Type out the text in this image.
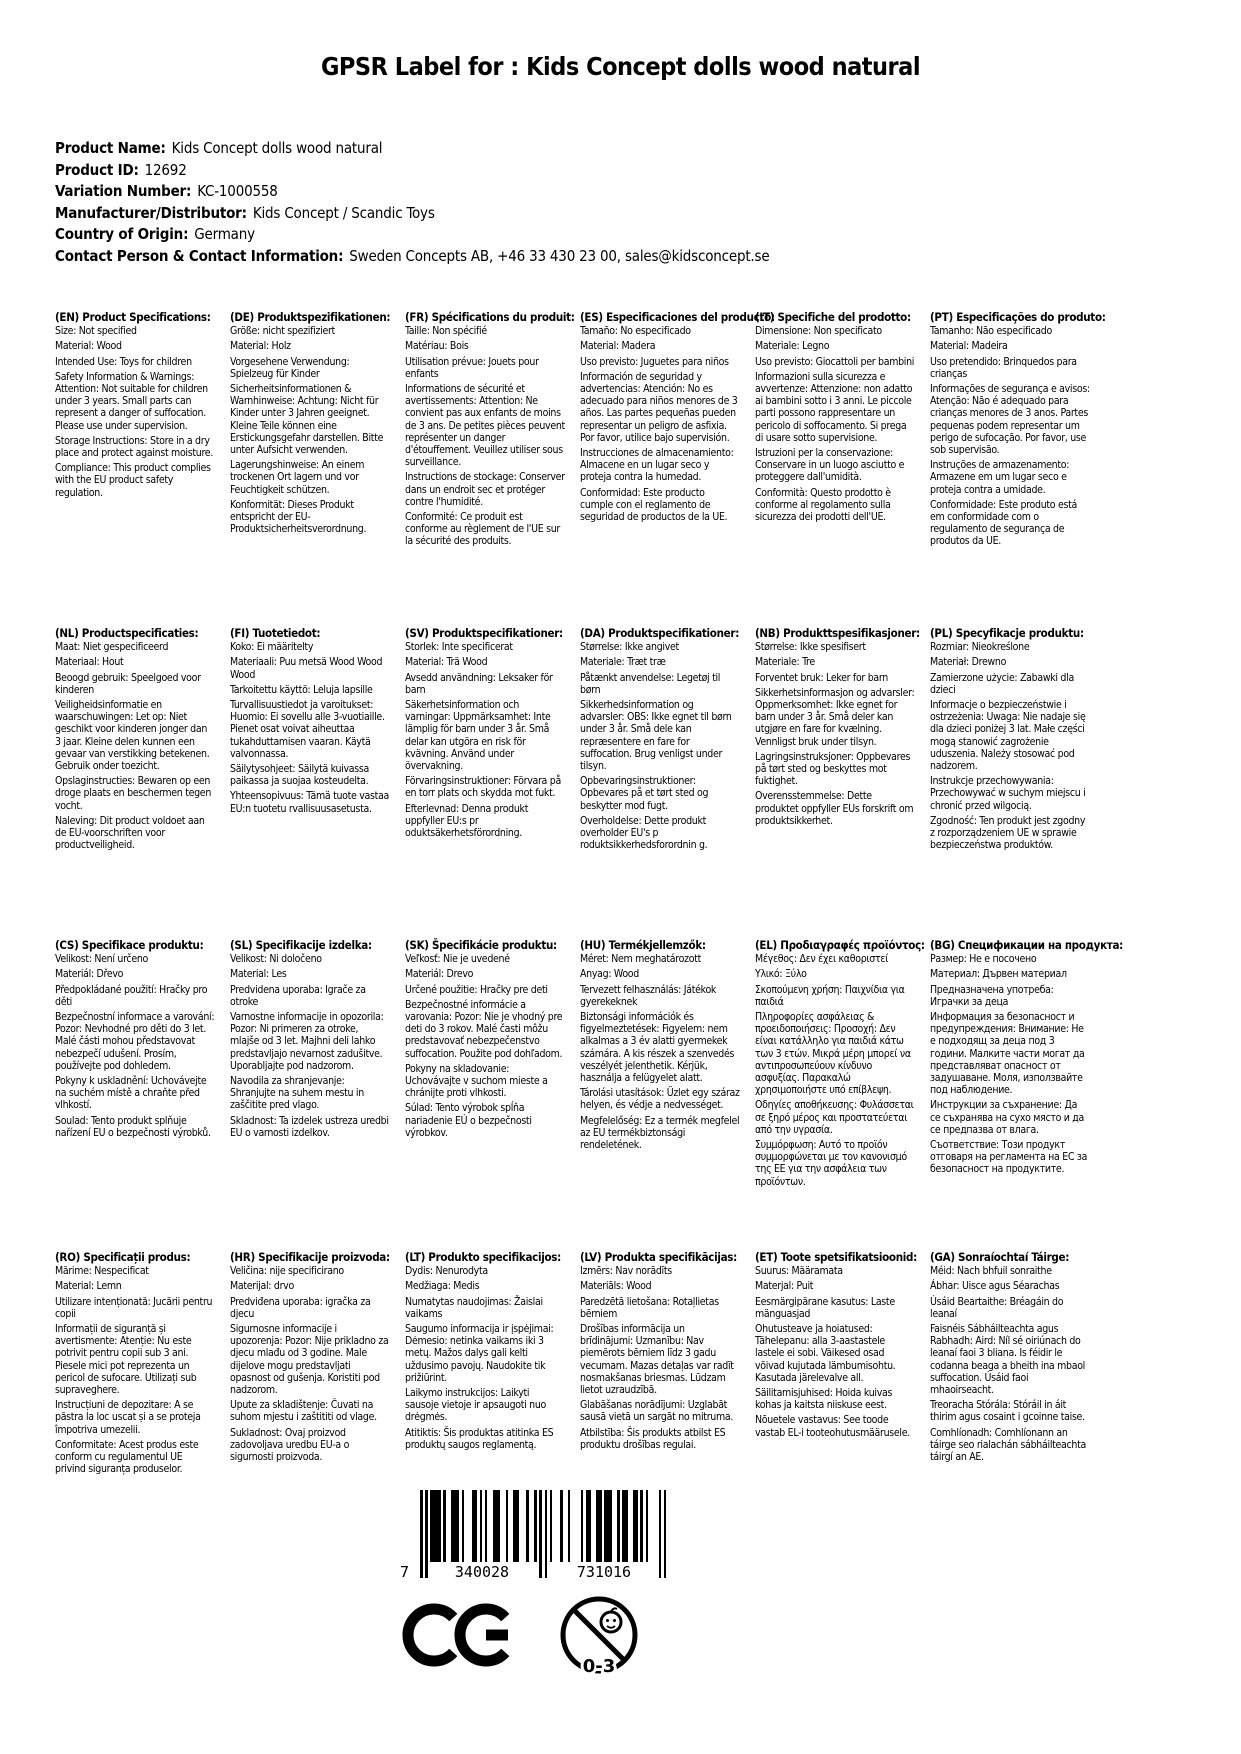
GPSR Label for : Kids Concept dolls wood natural
Product Name: Kids Concept dolls wood natural
Product ID: 12692
Variation Number: KC-1000558
Manufacturer/Distributor: Kids Concept / Scandic Toys
Country of Origin: Germany
Contact Person & Contact Information: Sweden Concepts AB, +46 33 430 23 00, sales@kidsconcept.se
(EN) Product Specifications:

Size: Not specified

Material: Wood

Intended Use: Toys for children

Safety Information & Warnings: Attention: Not suitable for children under 3 years. Small parts can represent a danger of suffocation. Please use under supervision.

Storage Instructions: Store in a dry place and protect against moisture.

Compliance: This product complies with the EU product safety regulation.

(DE) Produktspezifikationen:

Größe: nicht spezifiziert

Material: Holz

Vorgesehene Verwendung: Spielzeug für Kinder

Sicherheitsinformationen & Warnhinweise: Achtung: Nicht für Kinder unter 3 Jahren geeignet. Kleine Teile können eine Erstickungsgefahr darstellen. Bitte unter Aufsicht verwenden.

Lagerungshinweise: An einem trockenen Ort lagern und vor Feuchtigkeit schützen.

Konformität: Dieses Produkt entspricht der EU-Produktsicherheitsverordnung.

(FR) Spécifications du produit:

Taille: Non spécifié

Matériau: Bois

Utilisation prévue: Jouets pour enfants

Informations de sécurité et avertissements: Attention: Ne convient pas aux enfants de moins de 3 ans. De petites pièces peuvent représenter un danger d'étouffement. Veuillez utiliser sous surveillance.

Instructions de stockage: Conserver dans un endroit sec et protéger contre l'humidité.

Conformité: Ce produit est conforme au règlement de l'UE sur la sécurité des produits.

(ES) Especificaciones del producto:

Tamaño: No especificado

Material: Madera

Uso previsto: Juguetes para niños

Información de seguridad y advertencias: Atención: No es adecuado para niños menores de 3 años. Las partes pequeñas pueden representar un peligro de asfixia. Por favor, utilice bajo supervisión.

Instrucciones de almacenamiento: Almacene en un lugar seco y proteja contra la humedad.

Conformidad: Este producto cumple con el reglamento de seguridad de productos de la UE.

(IT) Specifiche del prodotto:

Dimensione: Non specificato

Materiale: Legno

Uso previsto: Giocattoli per bambini

Informazioni sulla sicurezza e avvertenze: Attenzione: non adatto ai bambini sotto i 3 anni. Le piccole parti possono rappresentare un pericolo di soffocamento. Si prega di usare sotto supervisione.

Istruzioni per la conservazione: Conservare in un luogo asciutto e proteggere dall'umidità.

Conformità: Questo prodotto è conforme al regolamento sulla sicurezza dei prodotti dell'UE.

(PT) Especificações do produto:

Tamanho: Não especificado

Material: Madeira

Uso pretendido: Brinquedos para crianças

Informações de segurança e avisos: Atenção: Não é adequado para crianças menores de 3 anos. Partes pequenas podem representar um perigo de sufocação. Por favor, use sob supervisão.

Instruções de armazenamento: Armazene em um lugar seco e proteja contra a umidade.

Conformidade: Este produto está em conformidade com o regulamento de segurança de produtos da UE.

(NL) Productspecificaties:

Maat: Niet gespecificeerd

Materiaal: Hout

Beoogd gebruik: Speelgoed voor kinderen

Veiligheidsinformatie en waarschuwingen: Let op: Niet geschikt voor kinderen jonger dan 3 jaar. Kleine delen kunnen een gevaar van verstikking betekenen. Gebruik onder toezicht.

Opslaginstructies: Bewaren op een droge plaats en beschermen tegen vocht.

Naleving: Dit product voldoet aan de EU-voorschriften voor productveiligheid.

(FI) Tuotetiedot:

Koko: Ei määritelty

Materiaali: Puu metsä Wood Wood Wood

Tarkoitettu käyttö: Leluja lapsille

Turvallisuustiedot ja varoitukset: Huomio: Ei sovellu alle 3-vuotiaille. Pienet osat voivat aiheuttaa tukahduttamisen vaaran. Käytä valvonnassa.

Säilytysohjeet: Säilytä kuivassa paikassa ja suojaa kosteudelta.

Yhteensopivuus: Tämä tuote vastaa EU:n tuotetu rvallisuusasetusta.

(SV) Produktspecifikationer:

Storlek: Inte specificerat

Material: Trä Wood

Avsedd användning: Leksaker för barn

Säkerhetsinformation och varningar: Uppmärksamhet: Inte lämplig för barn under 3 år. Små delar kan utgöra en risk för kvävning. Använd under övervakning.

Förvaringsinstruktioner: Förvara på en torr plats och skydda mot fukt.

Efterlevnad: Denna produkt uppfyller EU:s pr oduktsäkerhetsförordning.

(DA) Produktspecifikationer:

Størrelse: Ikke angivet

Materiale: Træt træ

Påtænkt anvendelse: Legetøj til børn

Sikkerhedsinformation og advarsler: OBS: Ikke egnet til børn under 3 år. Små dele kan repræsentere en fare for suffocation. Brug venligst under tilsyn.

Opbevaringsinstruktioner: Opbevares på et tørt sted og beskytter mod fugt.

Overholdelse: Dette produkt overholder EU's p roduktsikkerhedsforordnin g.

(NB) Produkttspesifikasjoner:

Størrelse: Ikke spesifisert

Materiale: Tre

Forventet bruk: Leker for barn

Sikkerhetsinformasjon og advarsler: Oppmerksomhet: Ikke egnet for barn under 3 år. Små deler kan utgjøre en fare for kvælning. Vennligst bruk under tilsyn.

Lagringsinstruksjoner: Oppbevares på tørt sted og beskyttes mot fuktighet.

Overensstemmelse: Dette produktet oppfyller EUs forskrift om produktsikkerhet.

(PL) Specyfikacje produktu:

Rozmiar: Nieokreślone

Materiał: Drewno

Zamierzone użycie: Zabawki dla dzieci

Informacje o bezpieczeństwie i ostrzeżenia: Uwaga: Nie nadaje się dla dzieci poniżej 3 lat. Małe części mogą stanowić zagrożenie uduszenia. Należy stosować pod nadzorem.

Instrukcje przechowywania: Przechowywać w suchym miejscu i chronić przed wilgocią.

Zgodność: Ten produkt jest zgodny z rozporządzeniem UE w sprawie bezpieczeństwa produktów.

(CS) Specifikace produktu:

Velikost: Není určeno

Materiál: Dřevo

Předpokládané použití: Hračky pro děti

Bezpečnostní informace a varování: Pozor: Nevhodné pro děti do 3 let. Malé části mohou představovat nebezpečí udušení. Prosím, používejte pod dohledem.

Pokyny k uskladnění: Uchovávejte na suchém místě a chraňte před vlhkostí.

Soulad: Tento produkt splňuje nařízení EU o bezpečnosti výrobků.

(SL) Specifikacije izdelka:

Velikost: Ni določeno

Material: Les

Predvidena uporaba: Igrače za otroke

Varnostne informacije in opozorila: Pozor: Ni primeren za otroke, mlajše od 3 let. Majhni deli lahko predstavljajo nevarnost zadušitve. Uporabljajte pod nadzorom.

Navodila za shranjevanje: Shranjujte na suhem mestu in zaščitite pred vlago.

Skladnost: Ta izdelek ustreza uredbi EU o varnosti izdelkov.

(SK) Špecifikácie produktu:

Veľkosť: Nie je uvedené

Materiál: Drevo

Určené použitie: Hračky pre deti

Bezpečnostné informácie a varovania: Pozor: Nie je vhodný pre deti do 3 rokov. Malé časti môžu predstavovať nebezpečenstvo suffocation. Použite pod dohľadom.

Pokyny na skladovanie: Uchovávajte v suchom mieste a chránijte proti vlhkosti.

Súlad: Tento výrobok spĺňa nariadenie EÚ o bezpečnosti výrobkov.

(HU) Termékjellemzők:

Méret: Nem meghatározott

Anyag: Wood

Tervezett felhasználás: Játékok gyerekeknek

Biztonsági információk és figyelmeztetések: Figyelem: nem alkalmas a 3 év alatti gyermekek számára. A kis részek a szenvedés veszélyét jelenthetik. Kérjük, használja a felügyelet alatt.

Tárolási utasítások: Üzlet egy száraz helyen, és védje a nedvességet.

Megfelelőség: Ez a termék megfelel az EU termékbiztonsági rendeletének.

(EL) Προδιαγραφές προϊόντος:

Μέγεθος: Δεν έχει καθοριστεί

Υλικό: Ξύλο

Σκοπούμενη χρήση: Παιχνίδια για παιδιά

Πληροφορίες ασφάλειας & προειδοποιήσεις: Προσοχή: Δεν είναι κατάλληλο για παιδιά κάτω των 3 ετών. Μικρά μέρη μπορεί να αντιπροσωπεύουν κίνδυνο ασφυξίας. Παρακαλώ χρησιμοποιήστε υπό επίβλεψη.

Οδηγίες αποθήκευσης: Φυλάσσεται σε ξηρό μέρος και προστατεύεται από την υγρασία.

Συμμόρφωση: Αυτό το προϊόν συμμορφώνεται με τον κανονισμό της ΕΕ για την ασφάλεια των προϊόντων.

(BG) Спецификации на продукта:

Размер: Не е посочено

Материал: Дървен материал

Предназначена употреба: Играчки за деца

Информация за безопасност и предупреждения: Внимание: Не е подходящ за деца под 3 години. Малките части могат да представляват опасност от задушаване. Моля, използвайте под наблюдение.

Инструкции за съхранение: Да се съхранява на сухо място и да се предпазва от влага.

Съответствие: Този продукт отговаря на регламента на ЕС за безопасност на продуктите.

(RO) Specificații produs:

Mărime: Nespecificat

Material: Lemn

Utilizare intenționată: Jucării pentru copii

Informații de siguranță și avertismente: Atenție: Nu este potrivit pentru copii sub 3 ani. Piesele mici pot reprezenta un pericol de sufocare. Utilizați sub supraveghere.

Instrucțiuni de depozitare: A se păstra la loc uscat și a se proteja împotriva umezelii.

Conformitate: Acest produs este conform cu regulamentul UE privind siguranța produselor.

(HR) Specifikacije proizvoda:

Veličina: nije specificirano

Materijal: drvo

Predviđena uporaba: igračka za djecu

Sigurnosne informacije i upozorenja: Pozor: Nije prikladno za djecu mlađu od 3 godine. Male dijelove mogu predstavljati opasnost od gušenja. Koristiti pod nadzorom.

Upute za skladištenje: Čuvati na suhom mjestu i zaštititi od vlage.

Sukladnost: Ovaj proizvod zadovoljava uredbu EU-a o sigurnosti proizvoda.

(LT) Produkto specifikacijos:

Dydis: Nenurodyta

Medžiaga: Medis

Numatytas naudojimas: Žaislai vaikams

Saugumo informacija ir įspėjimai: Dėmesio: netinka vaikams iki 3 metų. Mažos dalys gali kelti uždusimo pavojų. Naudokite tik prižiūrint.

Laikymo instrukcijos: Laikyti sausoje vietoje ir apsaugoti nuo drėgmės.

Atitiktis: Šis produktas atitinka ES produktų saugos reglamentą.

(LV) Produkta specifikācijas:

Izmērs: Nav norādīts

Materiāls: Wood

Paredzētā lietošana: Rotaļlietas bērniem

Drošības informācija un brīdinājumi: Uzmanību: Nav piemērots bērniem līdz 3 gadu vecumam. Mazas detaļas var radīt nosmakšanas briesmas. Lūdzam lietot uzraudzībā.

Glabāšanas norādījumi: Uzglabāt sausā vietā un sargāt no mitruma.

Atbilstība: Šis produkts atbilst ES produktu drošības regulai.

(ET) Toote spetsifikatsioonid:

Suurus: Määramata

Materjal: Puit

Eesmärgipärane kasutus: Laste mänguasjad

Ohutusteave ja hoiatused: Tähelepanu: alla 3-aastastele lastele ei sobi. Väikesed osad võivad kujutada lämbumisohtu. Kasutada järelevalve all.

Säilitamisjuhised: Hoida kuivas kohas ja kaitsta niiskuse eest.

Nõuetele vastavus: See toode vastab EL-i tooteohutusmäärusele.

(GA) Sonraíochtaí Táirge:

Méid: Nach bhfuil sonraithe

Ábhar: Uisce agus Séarachas

Úsáid Beartaithe: Bréagáin do leanaí

Faisnéis Sábháilteachta agus Rabhadh: Aird: Níl sé oiriúnach do leanaí faoi 3 bliana. Is féidir le codanna beaga a bheith ina mbaol suffocation. Úsáid faoi mhaoirseacht.

Treoracha Stórála: Stóráil in áit thirim agus cosaint i gcoinne taise.

Comhlíonadh: Comhlíonann an táirge seo rialachán sábháilteachta táirgí an AE.

7	340028	731016
0-3
